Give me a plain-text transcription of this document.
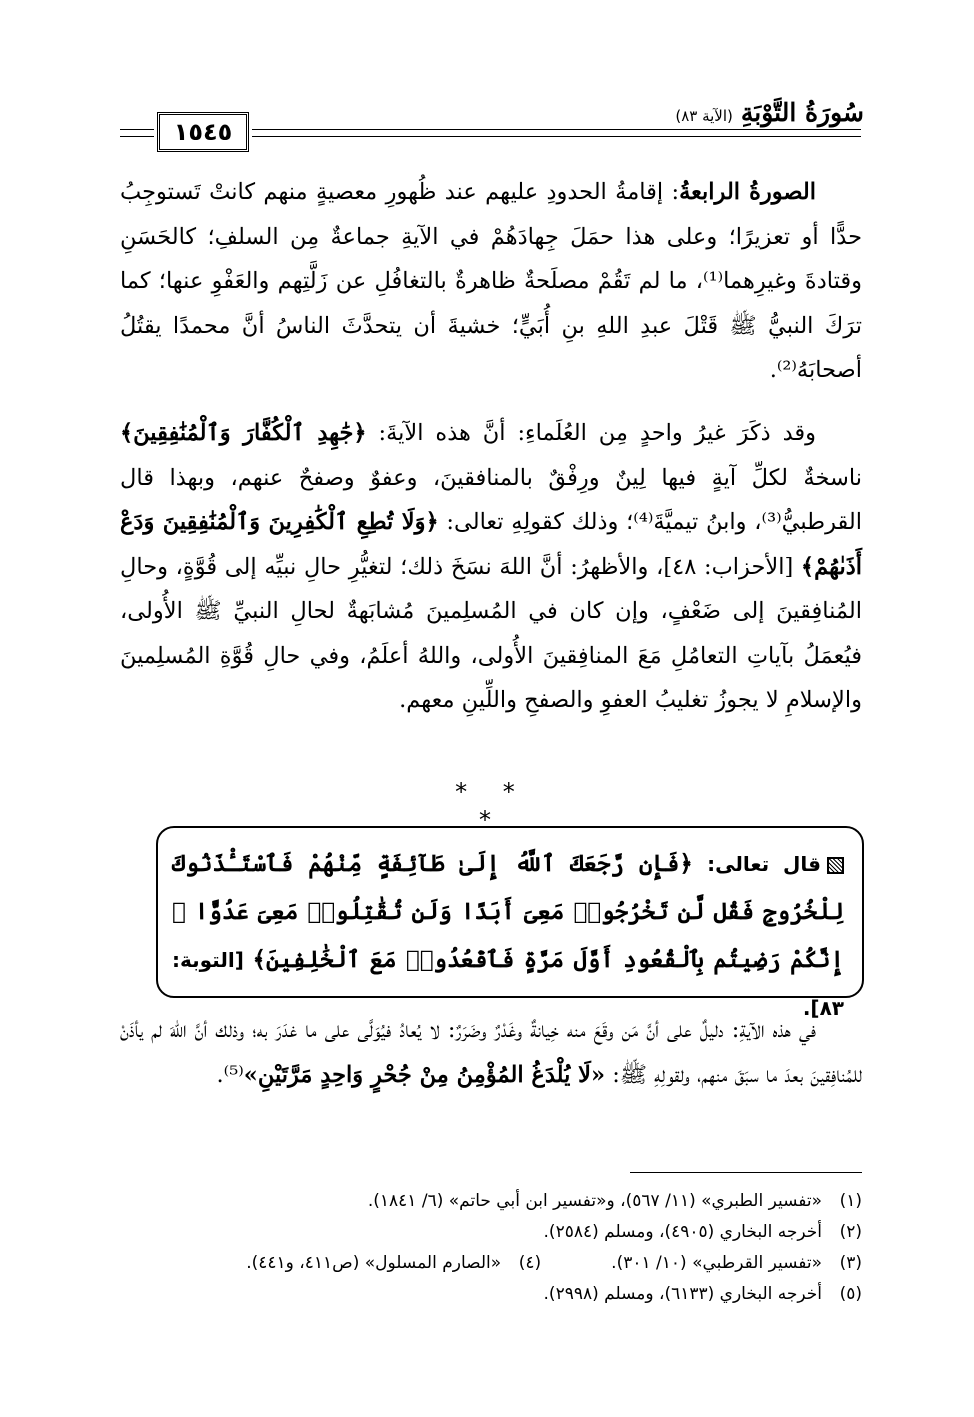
١٥٤٥
سُورَةُ التَّوْبَةِ
(الآية ٨٣)

الصورةُ الرابعةُ: إقامةُ الحدودِ عليهم عند ظُهورِ معصيةٍ منهم كانتْ تَستوجِبُ حدًّا أو تعزيرًا؛ وعلى هذا حمَلَ جِهادَهُمْ في الآيةِ جماعةٌ مِن السلفِ؛ كالحَسَنِ وقتادةَ وغيرِهما⁽¹⁾، ما لم تَقُمْ مصلَحةٌ ظاهرةٌ بالتغافُلِ عن زَلَّتِهم والعَفْوِ عنها؛ كما ترَكَ النبيُّ ﷺ قَتْلَ عبدِ اللهِ بنِ أُبَيٍّ؛ خشيةَ أن يتحدَّثَ الناسُ أنَّ محمدًا يقتُلُ أصحابَهُ⁽²⁾.

وقد ذكَرَ غيرُ واحدٍ مِن العُلَماءِ: أنَّ هذه الآيةَ: ﴿جَٰهِدِ ٱلْكُفَّارَ وَٱلْمُنَٰفِقِينَ﴾ ناسخةٌ لكلِّ آيةٍ فيها لِينٌ ورِفْقٌ بالمنافقينَ، وعفوٌ وصفحٌ عنهم، وبهذا قال القرطبيُّ⁽³⁾، وابنُ تيميَّةَ⁽⁴⁾؛ وذلك كقولِهِ تعالى: ﴿وَلَا تُطِعِ ٱلْكَٰفِرِينَ وَٱلْمُنَٰفِقِينَ وَدَعْ أَذَىٰهُمْ﴾ [الأحزاب: ٤٨]، والأظهرُ: أنَّ اللهَ نسَخَ ذلك؛ لتغيُّرِ حالِ نبيِّه إلى قُوَّةٍ، وحالِ المُنافِقينَ إلى ضَعْفٍ، وإن كان في المُسلِمينَ مُشابَهةٌ لحالِ النبيِّ ﷺ الأُولى، فيُعمَلُ بآياتِ التعامُلِ مَعَ المنافِقينَ الأُولى، واللهُ أعلَمُ، وفي حالِ قُوَّةِ المُسلِمينَ والإسلامِ لا يجوزُ تغليبُ العفوِ والصفحِ واللِّينِ معهم.

* * *
قال تعالى: ﴿فَإِن رَّجَعَكَ ٱللَّهُ إِلَىٰ طَآئِفَةٍ مِّنْهُمْ فَٱسْتَـْٔذَنُوكَ لِلْخُرُوجِ فَقُل لَّن تَخْرُجُوا۟ مَعِىَ أَبَدًا وَلَن تُقَٰتِلُوا۟ مَعِىَ عَدُوًّا ۖ إِنَّكُمْ رَضِيتُم بِٱلْقُعُودِ أَوَّلَ مَرَّةٍ فَٱقْعُدُوا۟ مَعَ ٱلْخَٰلِفِينَ﴾ [التوبة: ٨٣].

في هذه الآيةِ: دليلٌ على أنَّ مَن وقَعَ منه خِيانةٌ وغَدْرٌ وضَرَرٌ: لا يُعادُ فيُوَلَّى على ما غدَرَ به؛ وذلك أنَّ اللهَ لم يأذَنْ للمُنافِقينَ بعدَ ما سبَقَ منهم، ولقولِهِ ﷺ: «لَا يُلْدَغُ المُؤْمِنُ مِنْ جُحْرٍ وَاحِدٍ مَرَّتَيْنِ»⁽⁵⁾.

(١)«تفسير الطبري» (١١/ ٥٦٧)، و«تفسير ابن أبي حاتم» (٦/ ١٨٤١).
(٢)أخرجه البخاري (٤٩٠٥)، ومسلم (٢٥٨٤).
(٣)«تفسير القرطبي» (١٠/ ٣٠١).(٤)«الصارم المسلول» (ص٤١١، و٤٤١).
(٥)أخرجه البخاري (٦١٣٣)، ومسلم (٢٩٩٨).
